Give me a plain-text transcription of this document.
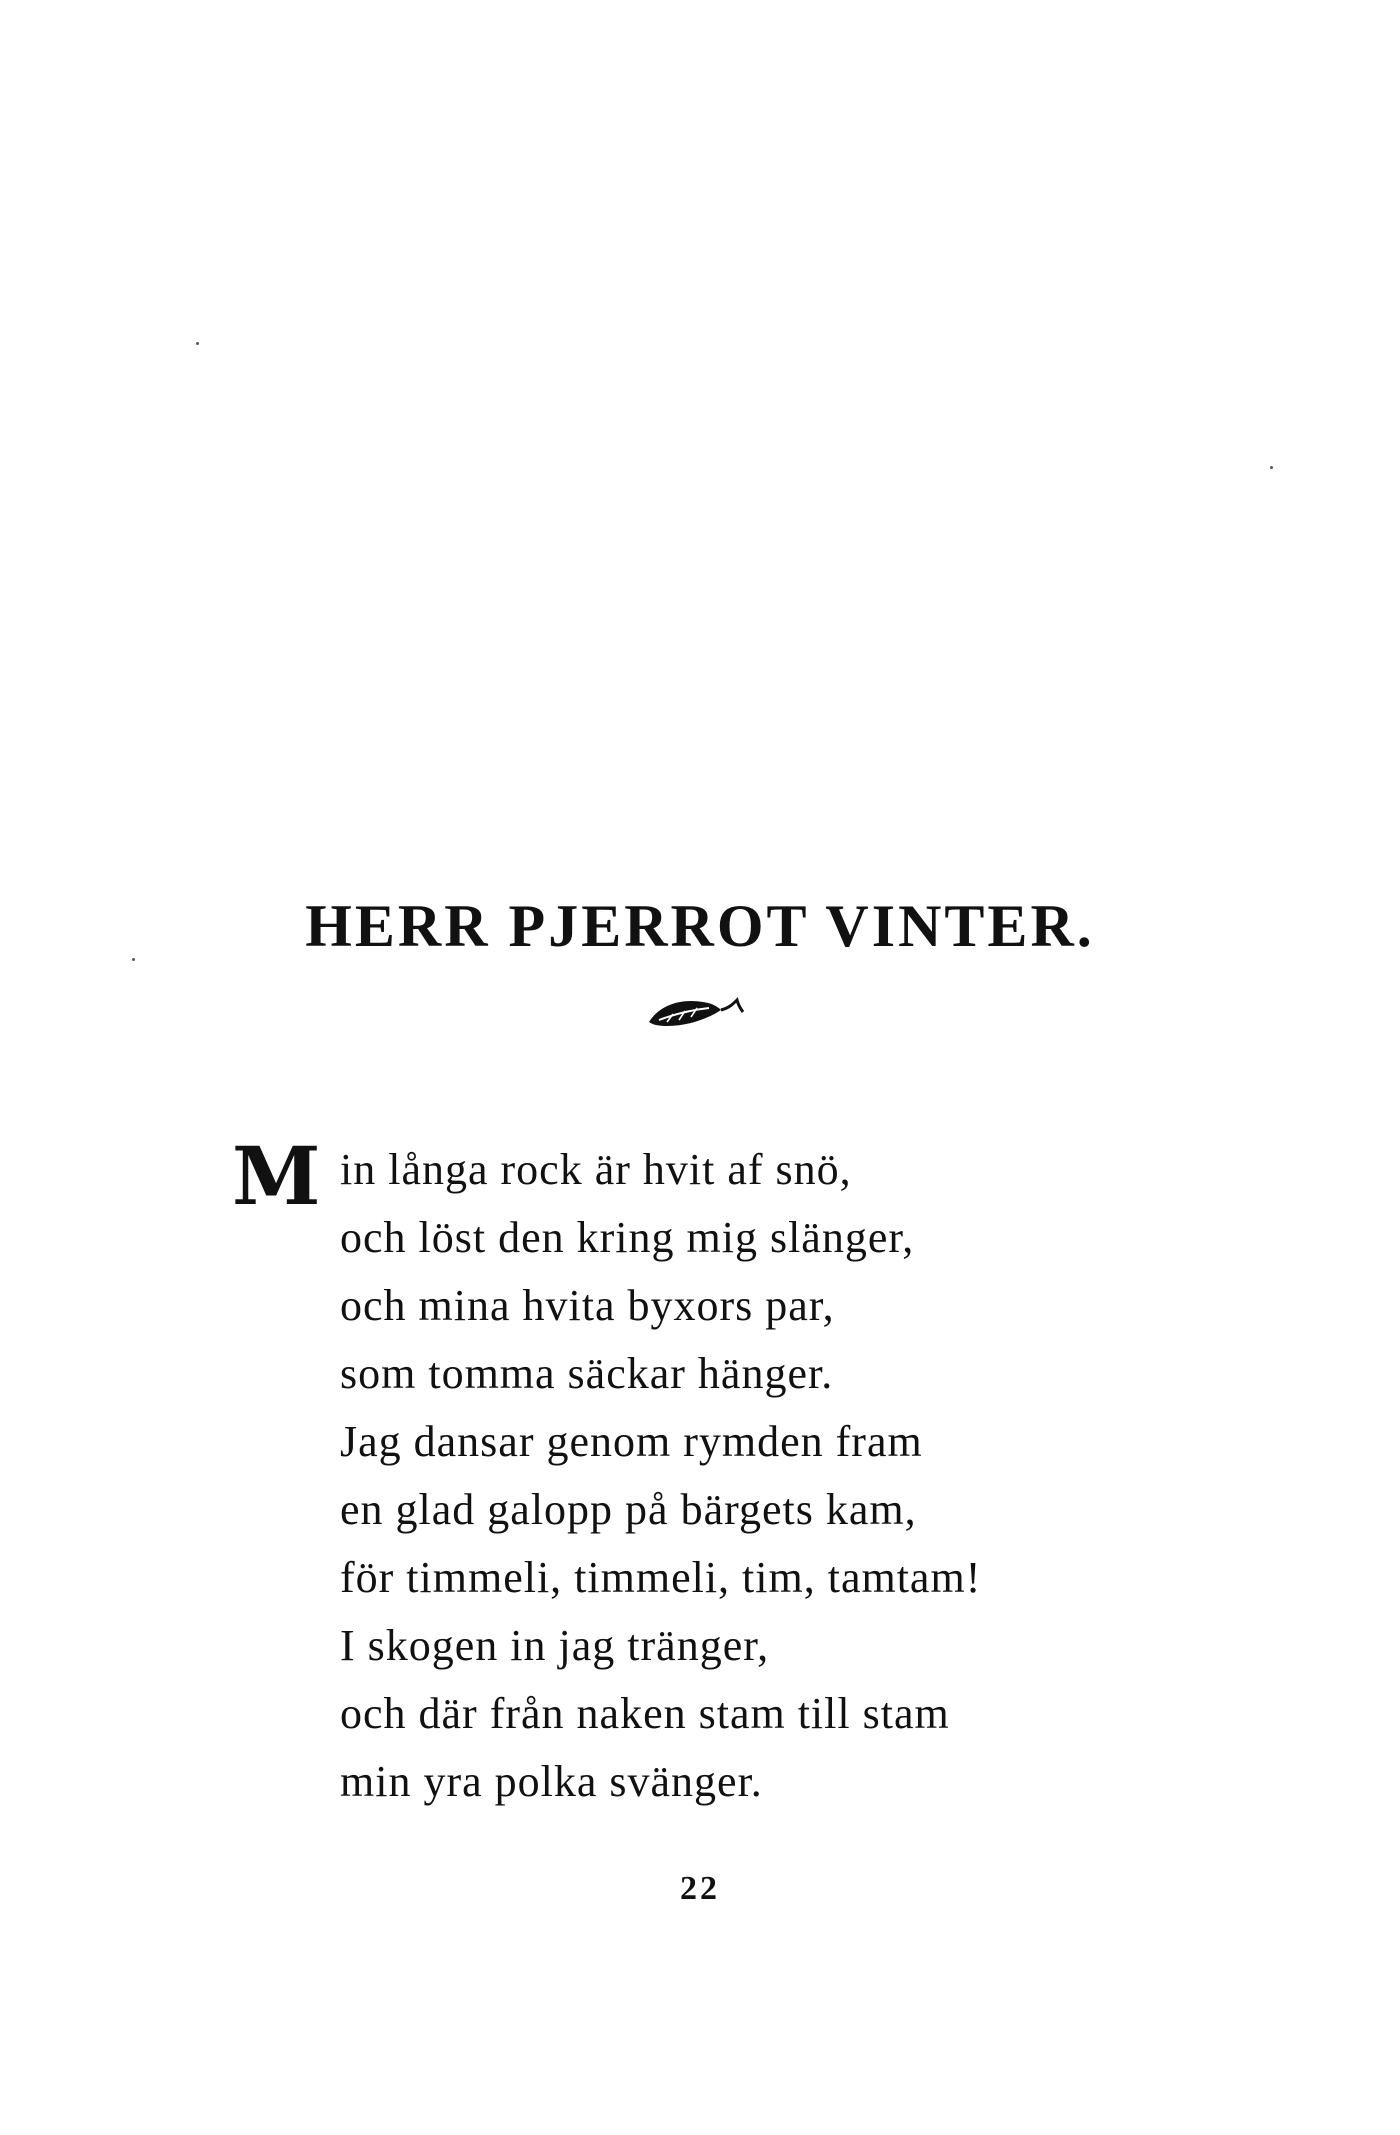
HERR PJERROT VINTER.
M in långa rock är hvit af snö,
och löst den kring mig slänger,
och mina hvita byxors par,
som tomma säckar hänger.
Jag dansar genom rymden fram
en glad galopp på bärgets kam,
för timmeli, timmeli, tim, tamtam!
I skogen in jag tränger,
och där från naken stam till stam
min yra polka svänger.
22
